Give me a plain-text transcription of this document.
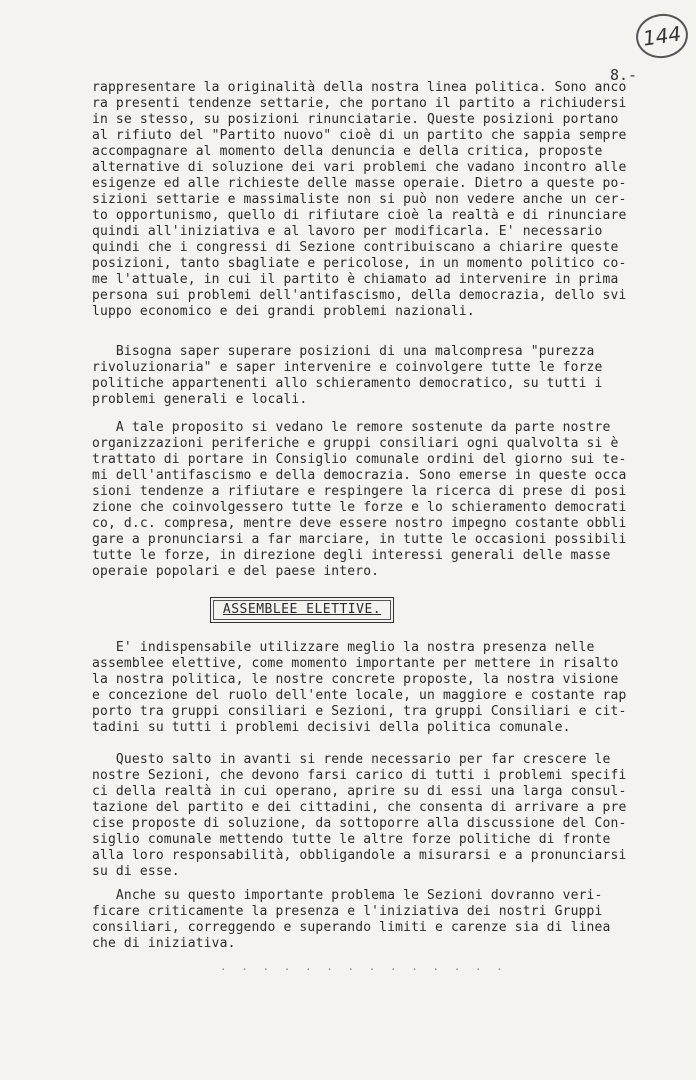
144
8.-
rappresentare la originalità della nostra linea politica. Sono anco
ra presenti tendenze settarie, che portano il partito a richiudersi
in se stesso, su posizioni rinunciatarie. Queste posizioni portano
al rifiuto del "Partito nuovo" cioè di un partito che sappia sempre
accompagnare al momento della denuncia e della critica, proposte
alternative di soluzione dei vari problemi che vadano incontro alle
esigenze ed alle richieste delle masse operaie. Dietro a queste po-
sizioni settarie e massimaliste non si può non vedere anche un cer-
to opportunismo, quello di rifiutare cioè la realtà e di rinunciare
quindi all'iniziativa e al lavoro per modificarla. E' necessario
quindi che i congressi di Sezione contribuiscano a chiarire queste
posizioni, tanto sbagliate e pericolose, in un momento politico co-
me l'attuale, in cui il partito è chiamato ad intervenire in prima
persona sui problemi dell'antifascismo, della democrazia, dello svi
luppo economico e dei grandi problemi nazionali.
Bisogna saper superare posizioni di una malcompresa "purezza
rivoluzionaria" e saper intervenire e coinvolgere tutte le forze
politiche appartenenti allo schieramento democratico, su tutti i
problemi generali e locali.
A tale proposito si vedano le remore sostenute da parte nostre
organizzazioni periferiche e gruppi consiliari ogni qualvolta si è
trattato di portare in Consiglio comunale ordini del giorno sui te-
mi dell'antifascismo e della democrazia. Sono emerse in queste occa
sioni tendenze a rifiutare e respingere la ricerca di prese di posi
zione che coinvolgessero tutte le forze e lo schieramento democrati
co, d.c. compresa, mentre deve essere nostro impegno costante obbli
gare a pronunciarsi a far marciare, in tutte le occasioni possibili
tutte le forze, in direzione degli interessi generali delle masse
operaie popolari e del paese intero.
ASSEMBLEE ELETTIVE.
E' indispensabile utilizzare meglio la nostra presenza nelle
assemblee elettive, come momento importante per mettere in risalto
la nostra politica, le nostre concrete proposte, la nostra visione
e concezione del ruolo dell'ente locale, un maggiore e costante rap
porto tra gruppi consiliari e Sezioni, tra gruppi Consiliari e cit-
tadini su tutti i problemi decisivi della politica comunale.
Questo salto in avanti si rende necessario per far crescere le
nostre Sezioni, che devono farsi carico di tutti i problemi specifi
ci della realtà in cui operano, aprire su di essi una larga consul-
tazione del partito e dei cittadini, che consenta di arrivare a pre
cise proposte di soluzione, da sottoporre alla discussione del Con-
siglio comunale mettendo tutte le altre forze politiche di fronte
alla loro responsabilità, obbligandole a misurarsi e a pronunciarsi
su di esse.
Anche su questo importante problema le Sezioni dovranno veri-
ficare criticamente la presenza e l'iniziativa dei nostri Gruppi
consiliari, correggendo e superando limiti e carenze sia di linea
che di iniziativa.
· · · · · · · · · · · · · ·
